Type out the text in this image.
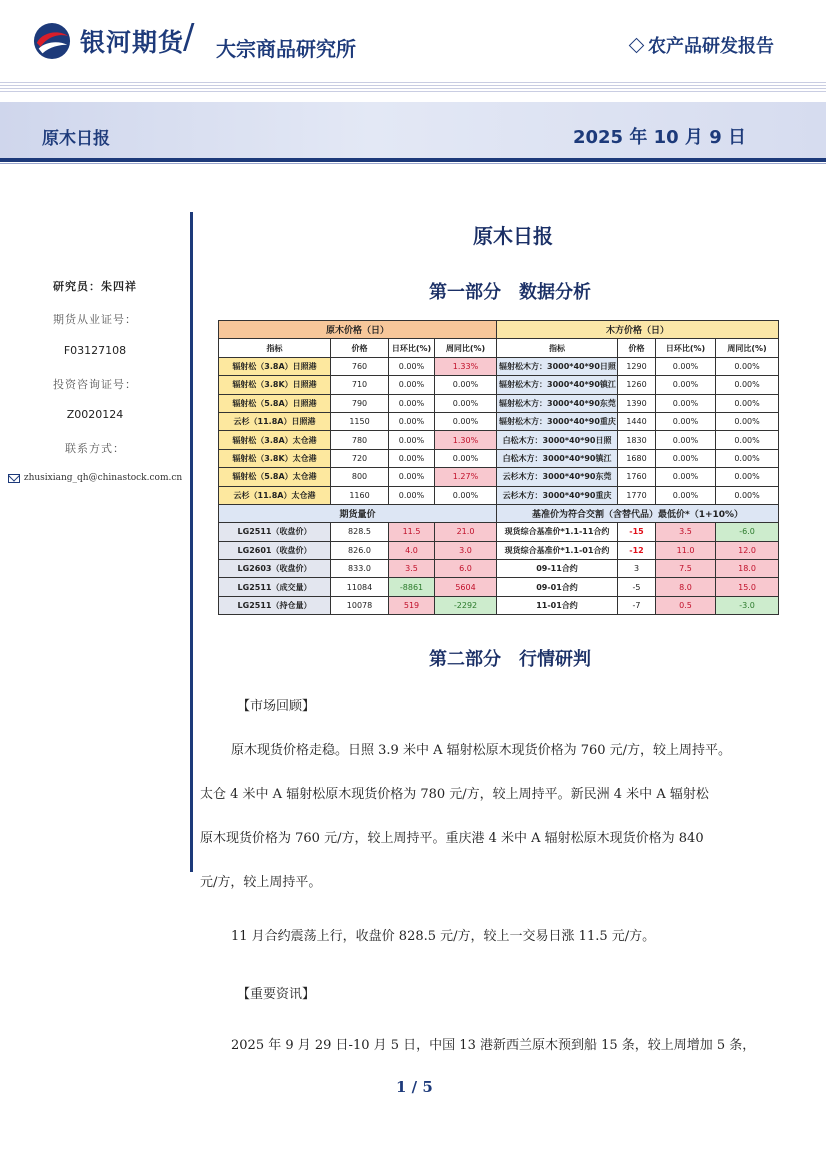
银河期货
/ 大宗商品研究所	农产品研发报告
原木日报	2025 年 10 月 9 日
研究员：朱四祥
期货从业证号：
F03127108
投资咨询证号：
Z0020124
联系方式：
zhusixiang_qh@chinastock.com.cn
原木日报
第一部分　数据分析
原木价格（日）				木方价格（日）			
指标	价格	日环比(%)	周同比(%)	指标	价格	日环比(%)	周同比(%)
辐射松（3.8A）日照港	760	0.00%	1.33%	辐射松木方：3000*40*90日照	1290	0.00%	0.00%
辐射松（3.8K）日照港	710	0.00%	0.00%	辐射松木方：3000*40*90镇江	1260	0.00%	0.00%
辐射松（5.8A）日照港	790	0.00%	0.00%	辐射松木方：3000*40*90东莞	1390	0.00%	0.00%
云杉（11.8A）日照港	1150	0.00%	0.00%	辐射松木方：3000*40*90重庆	1440	0.00%	0.00%
辐射松（3.8A）太仓港	780	0.00%	1.30%	白松木方：3000*40*90日照	1830	0.00%	0.00%
辐射松（3.8K）太仓港	720	0.00%	0.00%	白松木方：3000*40*90镇江	1680	0.00%	0.00%
辐射松（5.8A）太仓港	800	0.00%	1.27%	云杉木方：3000*40*90东莞	1760	0.00%	0.00%
云杉（11.8A）太仓港	1160	0.00%	0.00%	云杉木方：3000*40*90重庆	1770	0.00%	0.00%
期货量价				基准价为符合交割（含替代品）最低价*（1+10%）			
LG2511（收盘价）	828.5	11.5	21.0	现货综合基准价*1.1-11合约	-15	3.5	-6.0
LG2601（收盘价）	826.0	4.0	3.0	现货综合基准价*1.1-01合约	-12	11.0	12.0
LG2603（收盘价）	833.0	3.5	6.0	09-11合约	3	7.5	18.0
LG2511（成交量）	11084	-8861	5604	09-01合约	-5	8.0	15.0
LG2511（持仓量）	10078	519	-2292	11-01合约	-7	0.5	-3.0
第二部分　行情研判
【市场回顾】
原木现货价格走稳。日照 3.9 米中 A 辐射松原木现货价格为 760 元/方，较上周持平。
太仓 4 米中 A 辐射松原木现货价格为 780 元/方，较上周持平。新民洲 4 米中 A 辐射松
原木现货价格为 760 元/方，较上周持平。重庆港 4 米中 A 辐射松原木现货价格为 840
元/方，较上周持平。
11 月合约震荡上行，收盘价 828.5 元/方，较上一交易日涨 11.5 元/方。
【重要资讯】
2025 年 9 月 29 日-10 月 5 日，中国 13 港新西兰原木预到船 15 条，较上周增加 5 条，
1 / 5
